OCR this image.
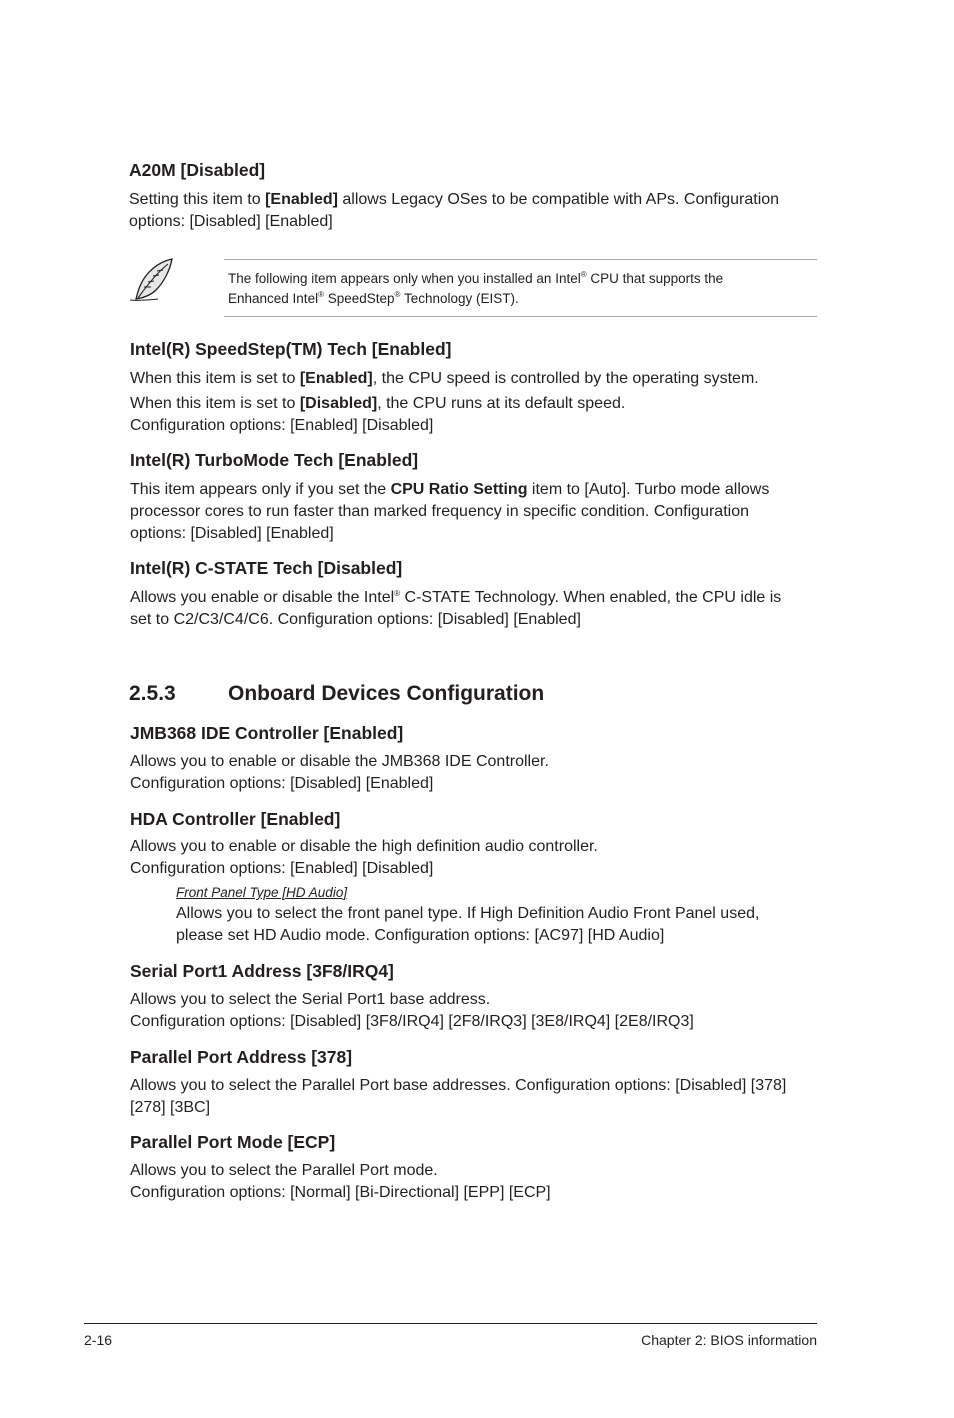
A20M [Disabled]
Setting this item to [Enabled] allows Legacy OSes to be compatible with APs. Configuration
options: [Disabled] [Enabled]
The following item appears only when you installed an Intel® CPU that supports the
Enhanced Intel® SpeedStep® Technology (EIST).
Intel(R) SpeedStep(TM) Tech [Enabled]
When this item is set to [Enabled], the CPU speed is controlled by the operating system.
When this item is set to [Disabled], the CPU runs at its default speed.
Configuration options: [Enabled] [Disabled]
Intel(R) TurboMode Tech [Enabled]
This item appears only if you set the CPU Ratio Setting item to [Auto]. Turbo mode allows
processor cores to run faster than marked frequency in specific condition. Configuration
options: [Disabled] [Enabled]
Intel(R) C-STATE Tech [Disabled]
Allows you enable or disable the Intel® C-STATE Technology. When enabled, the CPU idle is
set to C2/C3/C4/C6. Configuration options: [Disabled] [Enabled]
2.5.3 Onboard Devices Configuration
JMB368 IDE Controller [Enabled]
Allows you to enable or disable the JMB368 IDE Controller.
Configuration options: [Disabled] [Enabled]
HDA Controller [Enabled]
Allows you to enable or disable the high definition audio controller.
Configuration options: [Enabled] [Disabled]
Front Panel Type [HD Audio]
Allows you to select the front panel type. If High Definition Audio Front Panel used,
please set HD Audio mode. Configuration options: [AC97] [HD Audio]
Serial Port1 Address [3F8/IRQ4]
Allows you to select the Serial Port1 base address.
Configuration options: [Disabled] [3F8/IRQ4] [2F8/IRQ3] [3E8/IRQ4] [2E8/IRQ3]
Parallel Port Address [378]
Allows you to select the Parallel Port base addresses. Configuration options: [Disabled] [378]
[278] [3BC]
Parallel Port Mode [ECP]
Allows you to select the Parallel Port mode.
Configuration options: [Normal] [Bi-Directional] [EPP] [ECP]
2-16	Chapter 2: BIOS information
